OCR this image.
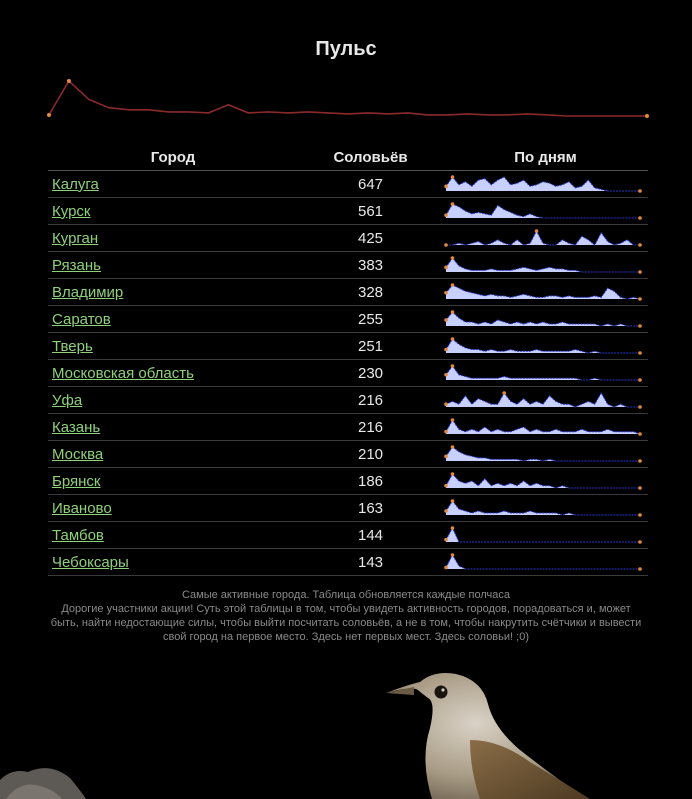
Пульс
Город	Соловьёв	По дням
Калуга	647	

Курск	561	

Курган	425	

Рязань	383	

Владимир	328	

Саратов	255	

Тверь	251	

Московская область	230	

Уфа	216	

Казань	216	

Москва	210	

Брянск	186	

Иваново	163	

Тамбов	144	

Чебоксары	143	
Самые активные города. Таблица обновляется каждые полчаса
Дорогие участники акции! Суть этой таблицы в том, чтобы увидеть активность городов, порадоваться и, может быть, найти недостающие силы, чтобы выйти посчитать соловьёв, а не в том, чтобы накрутить счётчики и вывести свой город на первое место. Здесь нет первых мест. Здесь соловьи! ;0)
